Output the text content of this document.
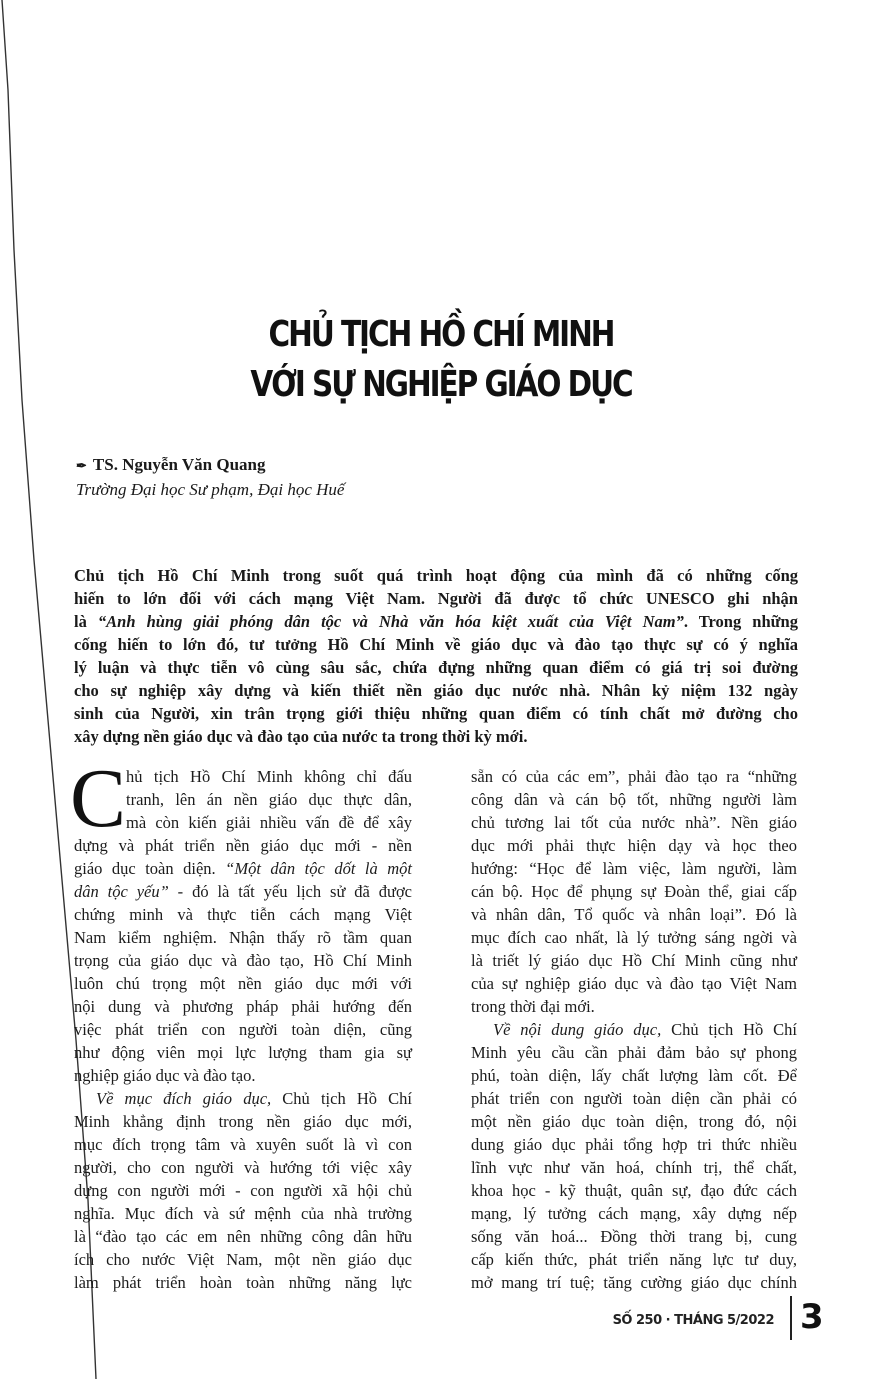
CHỦ TỊCH HỒ CHÍ MINH
VỚI SỰ NGHIỆP GIÁO DỤC
✒ TS. Nguyễn Văn Quang
Trường Đại học Sư phạm, Đại học Huế
Chủ tịch Hồ Chí Minh trong suốt quá trình hoạt động của mình đã có những cống
hiến to lớn đối với cách mạng Việt Nam. Người đã được tổ chức UNESCO ghi nhận
là “Anh hùng giải phóng dân tộc và Nhà văn hóa kiệt xuất của Việt Nam”. Trong những
cống hiến to lớn đó, tư tưởng Hồ Chí Minh về giáo dục và đào tạo thực sự có ý nghĩa
lý luận và thực tiễn vô cùng sâu sắc, chứa đựng những quan điểm có giá trị soi đường
cho sự nghiệp xây dựng và kiến thiết nền giáo dục nước nhà. Nhân kỷ niệm 132 ngày
sinh của Người, xin trân trọng giới thiệu những quan điểm có tính chất mở đường cho
xây dựng nền giáo dục và đào tạo của nước ta trong thời kỳ mới.
C hủ tịch Hồ Chí Minh không chỉ đấu
tranh, lên án nền giáo dục thực dân,
mà còn kiến giải nhiều vấn đề để xây
dựng và phát triển nền giáo dục mới - nền
giáo dục toàn diện. “Một dân tộc dốt là một
dân tộc yếu” - đó là tất yếu lịch sử đã được
chứng minh và thực tiễn cách mạng Việt
Nam kiểm nghiệm. Nhận thấy rõ tầm quan
trọng của giáo dục và đào tạo, Hồ Chí Minh
luôn chú trọng một nền giáo dục mới với
nội dung và phương pháp phải hướng đến
việc phát triển con người toàn diện, cũng
như động viên mọi lực lượng tham gia sự
nghiệp giáo dục và đào tạo.
Về mục đích giáo dục, Chủ tịch Hồ Chí
Minh khẳng định trong nền giáo dục mới,
mục đích trọng tâm và xuyên suốt là vì con
người, cho con người và hướng tới việc xây
dựng con người mới - con người xã hội chủ
nghĩa. Mục đích và sứ mệnh của nhà trường
là “đào tạo các em nên những công dân hữu
ích cho nước Việt Nam, một nền giáo dục
làm phát triển hoàn toàn những năng lực
sẵn có của các em”, phải đào tạo ra “những
công dân và cán bộ tốt, những người làm
chủ tương lai tốt của nước nhà”. Nền giáo
dục mới phải thực hiện dạy và học theo
hướng: “Học để làm việc, làm người, làm
cán bộ. Học để phụng sự Đoàn thể, giai cấp
và nhân dân, Tổ quốc và nhân loại”. Đó là
mục đích cao nhất, là lý tưởng sáng ngời và
là triết lý giáo dục Hồ Chí Minh cũng như
của sự nghiệp giáo dục và đào tạo Việt Nam
trong thời đại mới.
Về nội dung giáo dục, Chủ tịch Hồ Chí
Minh yêu cầu cần phải đảm bảo sự phong
phú, toàn diện, lấy chất lượng làm cốt. Để
phát triển con người toàn diện cần phải có
một nền giáo dục toàn diện, trong đó, nội
dung giáo dục phải tổng hợp tri thức nhiều
lĩnh vực như văn hoá, chính trị, thể chất,
khoa học - kỹ thuật, quân sự, đạo đức cách
mạng, lý tưởng cách mạng, xây dựng nếp
sống văn hoá... Đồng thời trang bị, cung
cấp kiến thức, phát triển năng lực tư duy,
mở mang trí tuệ; tăng cường giáo dục chính
SỐ 250 · THÁNG 5/2022 3
